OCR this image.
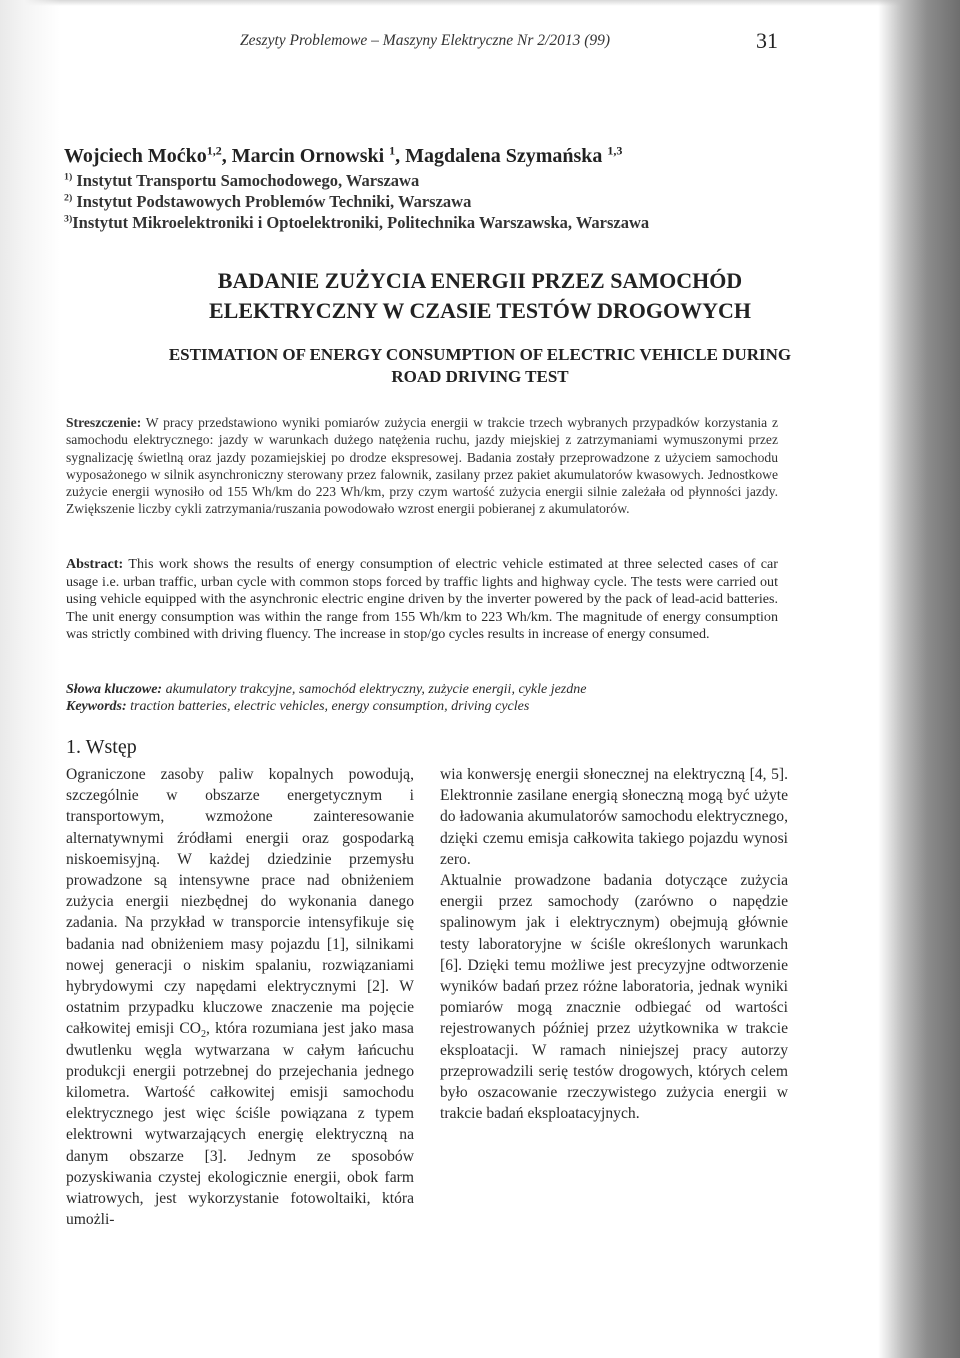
Zeszyty Problemowe – Maszyny Elektryczne Nr 2/2013 (99)	31
Wojciech Moćko$^{1,2}$, Marcin Ornowski $^1$, Magdalena Szymańska $^{1,3}$
$^{1)}$ Instytut Transportu Samochodowego, Warszawa
$^{2)}$ Instytut Podstawowych Problemów Techniki, Warszawa
$^{3)}$Instytut Mikroelektroniki i Optoelektroniki, Politechnika Warszawska, Warszawa
BADANIE ZUŻYCIA ENERGII PRZEZ SAMOCHÓD
ELEKTRYCZNY W CZASIE TESTÓW DROGOWYCH
ESTIMATION OF ENERGY CONSUMPTION OF ELECTRIC VEHICLE DURING
ROAD DRIVING TEST
Streszczenie: W pracy przedstawiono wyniki pomiarów zużycia energii w trakcie trzech wybranych przypadków korzystania z samochodu elektrycznego: jazdy w warunkach dużego natężenia ruchu, jazdy miejskiej z zatrzymaniami wymuszonymi przez sygnalizację świetlną oraz jazdy pozamiejskiej po drodze ekspresowej. Badania zostały przeprowadzone z użyciem samochodu wyposażonego w silnik asynchroniczny sterowany przez falownik, zasilany przez pakiet akumulatorów kwasowych. Jednostkowe zużycie energii wynosiło od 155 Wh/km do 223 Wh/km, przy czym wartość zużycia energii silnie zależała od płynności jazdy. Zwiększenie liczby cykli zatrzymania/ruszania powodowało wzrost energii pobieranej z akumulatorów.
Abstract: This work shows the results of energy consumption of electric vehicle estimated at three selected cases of car usage i.e. urban traffic, urban cycle with common stops forced by traffic lights and highway cycle. The tests were carried out using vehicle equipped with the asynchronic electric engine driven by the inverter powered by the pack of lead-acid batteries. The unit energy consumption was within the range from 155 Wh/km to 223 Wh/km. The magnitude of energy consumption was strictly combined with driving fluency. The increase in stop/go cycles results in increase of energy consumed.
Słowa kluczowe: akumulatory trakcyjne, samochód elektryczny, zużycie energii, cykle jezdne
Keywords: traction batteries, electric vehicles, energy consumption, driving cycles
1. Wstęp

Ograniczone zasoby paliw kopalnych powodują, szczególnie w obszarze energetycznym i transportowym, wzmożone zainteresowanie alternatywnymi źródłami energii oraz gospodarką niskoemisyjną. W każdej dziedzinie przemysłu prowadzone są intensywne prace nad obniżeniem zużycia energii niezbędnej do wykonania danego zadania. Na przykład w transporcie intensyfikuje się badania nad obniżeniem masy pojazdu [1], silnikami nowej generacji o niskim spalaniu, rozwiązaniami hybrydowymi czy napędami elektrycznymi [2]. W ostatnim przypadku kluczowe znaczenie ma pojęcie całkowitej emisji $CO_2$, która rozumiana jest jako masa dwutlenku węgla wytwarzana w całym łańcuchu produkcji energii potrzebnej do przejechania jednego kilometra. Wartość całkowitej emisji samochodu elektrycznego jest więc ściśle powiązana z typem elektrowni wytwarzających energię elektryczną na danym obszarze [3]. Jednym ze sposobów pozyskiwania czystej ekologicznie energii, obok farm wiatrowych, jest wykorzystanie fotowoltaiki, która umożli-

wia konwersję energii słonecznej na elektryczną [4, 5]. Elektronnie zasilane energią słoneczną mogą być użyte do ładowania akumulatorów samochodu elektrycznego, dzięki czemu emisja całkowita takiego pojazdu wynosi zero.

Aktualnie prowadzone badania dotyczące zużycia energii przez samochody (zarówno o napędzie spalinowym jak i elektrycznym) obejmują głównie testy laboratoryjne w ściśle określonych warunkach [6]. Dzięki temu możliwe jest precyzyjne odtworzenie wyników badań przez różne laboratoria, jednak wyniki pomiarów mogą znacznie odbiegać od wartości rejestrowanych później przez użytkownika w trakcie eksploatacji. W ramach niniejszej pracy autorzy przeprowadzili serię testów drogowych, których celem było oszacowanie rzeczywistego zużycia energii w trakcie badań eksploatacyjnych.
